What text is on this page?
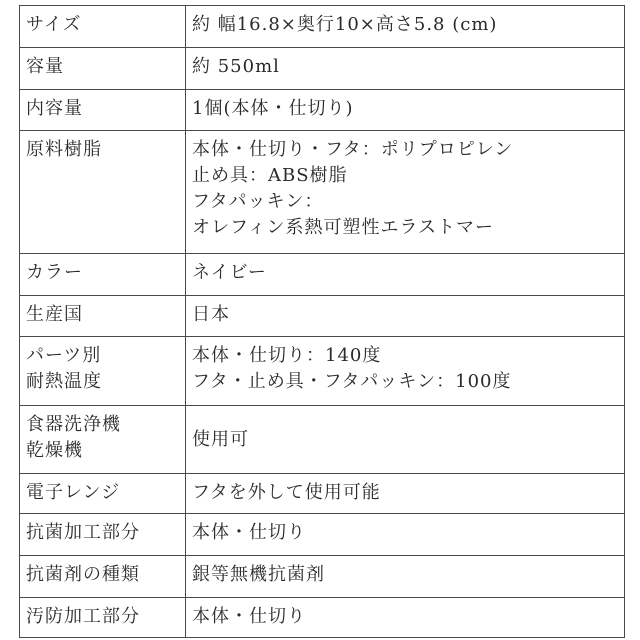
サイズ	約 幅16.8×奥行10×高さ5.8 (cm)

容量	約 550ml

内容量	1個(本体・仕切り)

原料樹脂	本体・仕切り・フタ：ポリプロピレン
止め具：ABS樹脂
フタパッキン：
オレフィン系熱可塑性エラストマー

カラー	ネイビー

生産国	日本

パーツ別
耐熱温度	本体・仕切り：140度
フタ・止め具・フタパッキン：100度

食器洗浄機
乾燥機	使用可

電子レンジ	フタを外して使用可能

抗菌加工部分	本体・仕切り

抗菌剤の種類	銀等無機抗菌剤

汚防加工部分	本体・仕切り
